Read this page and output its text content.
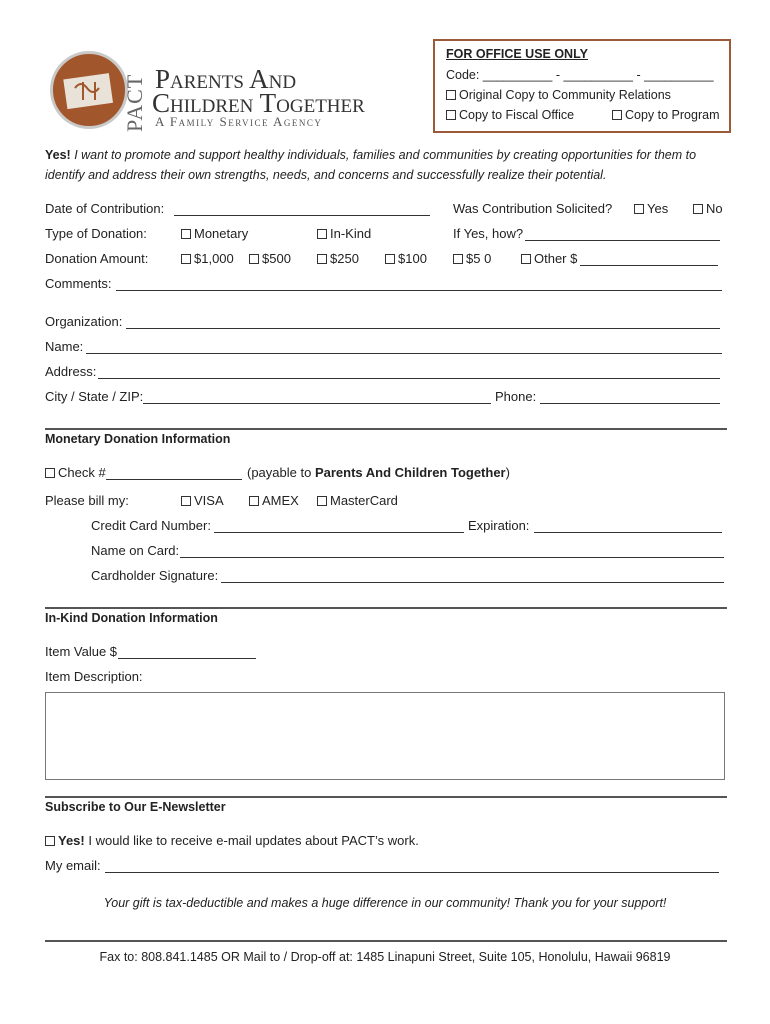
PACT Parents And
Children Together
A Family Service Agency
FOR OFFICE USE ONLY
Code: __________ - __________ - __________
Original Copy to Community Relations
Copy to Fiscal Office	Copy to Program
Yes! I want to promote and support healthy individuals, families and communities by creating opportunities for them to
identify and address their own strengths, needs, and concerns and successfully realize their potential.
Date of Contribution:	Was Contribution Solicited?	Yes	No
Type of Donation:	Monetary	In-Kind	If Yes, how?
Donation Amount:	$1,000	$500	$250	$100	$5 0	Other $
Comments:
Organization:
Name:
Address:
City / State / ZIP:	Phone:
Monetary Donation Information
Check #	(payable to Parents And Children Together)
Please bill my:	VISA	AMEX	MasterCard
Credit Card Number:	Expiration:
Name on Card:
Cardholder Signature:
In-Kind Donation Information
Item Value $
Item Description:
Subscribe to Our E-Newsletter
Yes! I would like to receive e-mail updates about PACT’s work.
My email:
Your gift is tax-deductible and makes a huge difference in our community! Thank you for your support!
Fax to: 808.841.1485 OR Mail to / Drop-off at: 1485 Linapuni Street, Suite 105, Honolulu, Hawaii 96819
